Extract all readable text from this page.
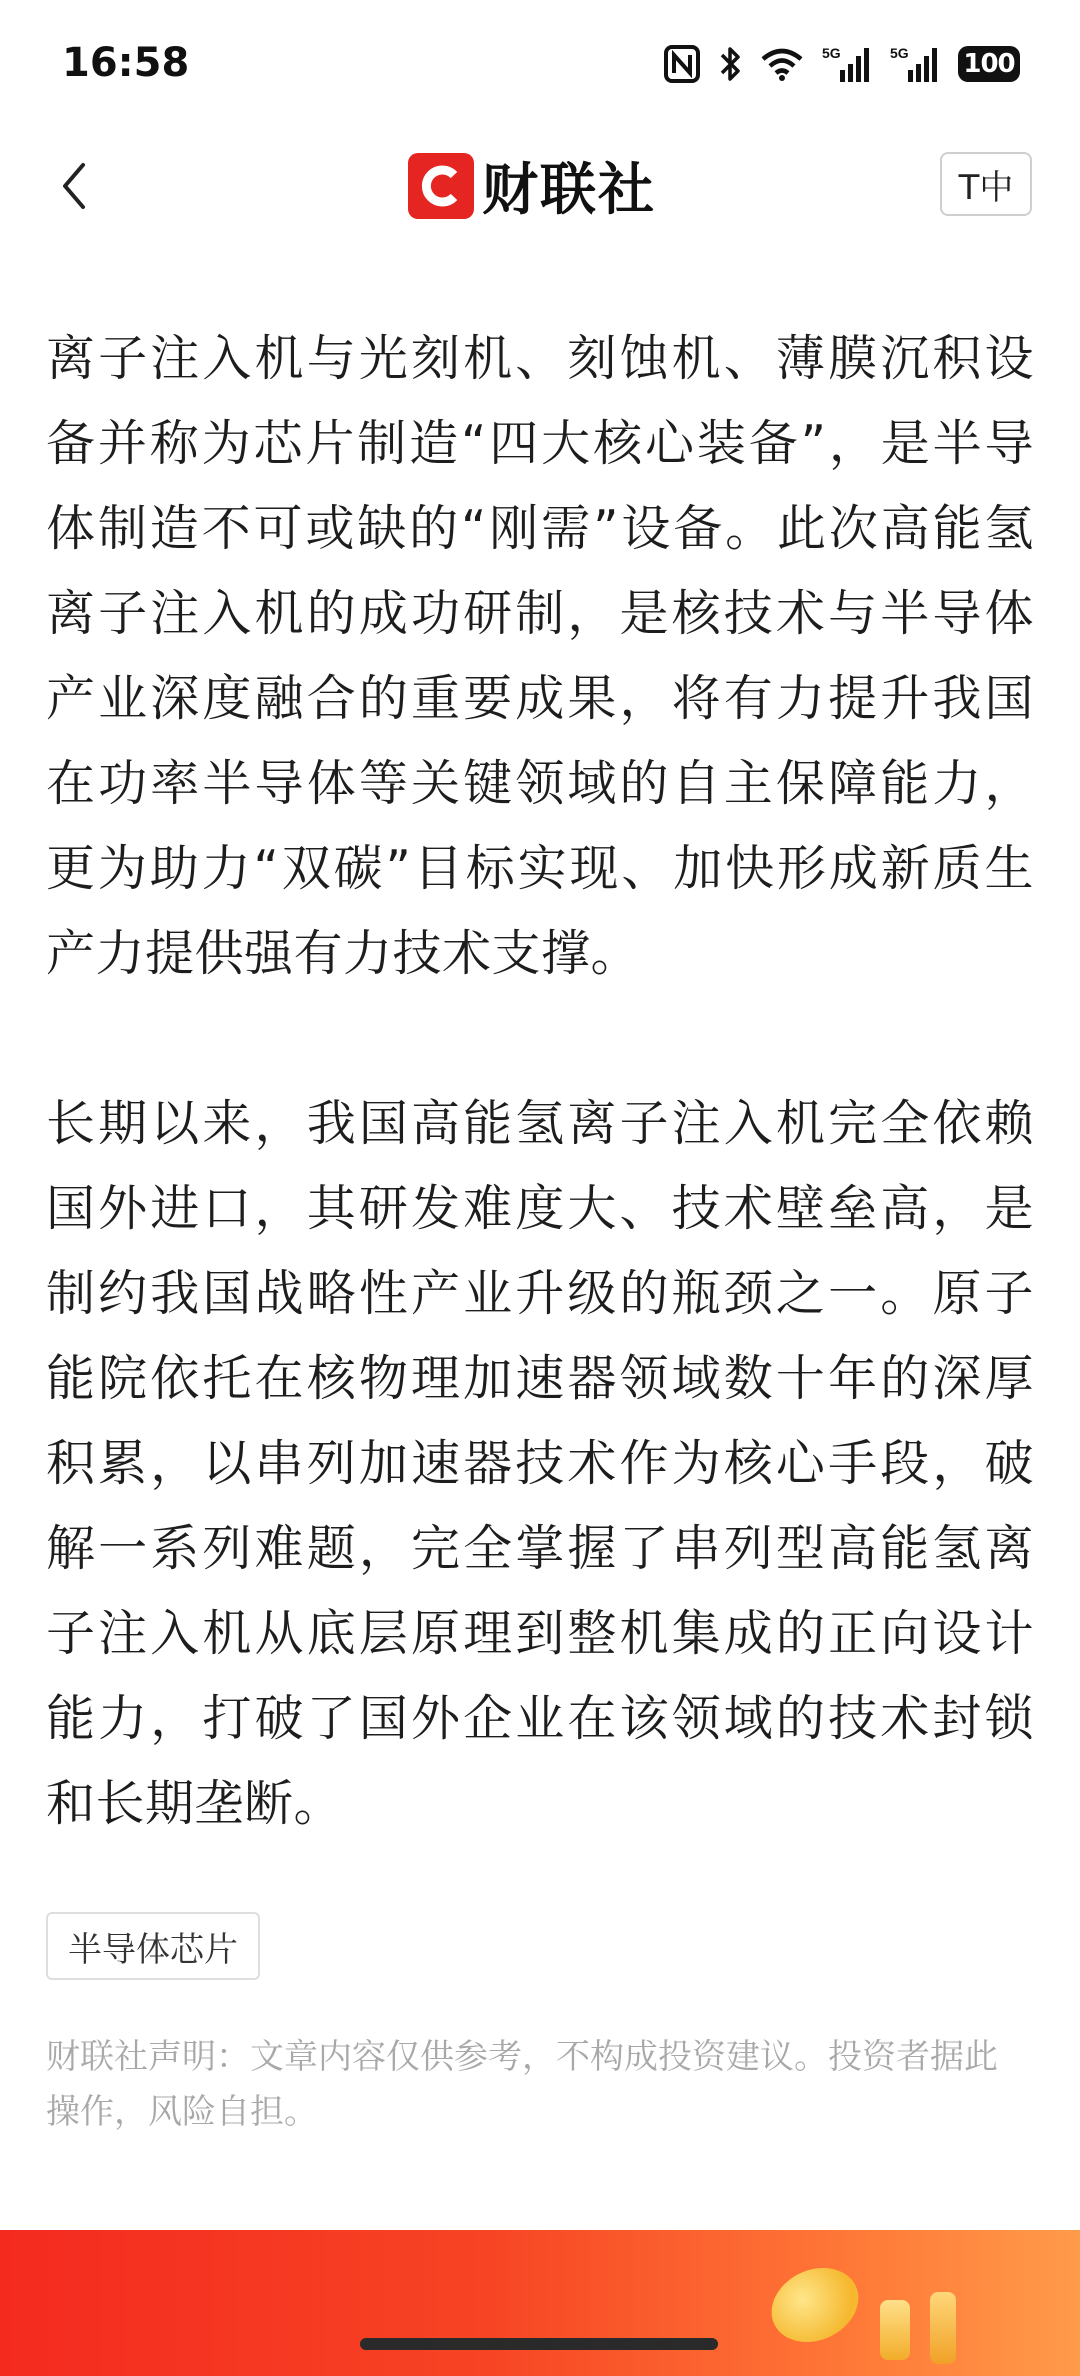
16:58	5G	5G 100
财联社	T中

离子注入机与光刻机、刻蚀机、薄膜沉积设备并称为芯片制造“四大核心装备”，是半导体制造不可或缺的“刚需”设备。此次高能氢离子注入机的成功研制，是核技术与半导体产业深度融合的重要成果，将有力提升我国在功率半导体等关键领域的自主保障能力，更为助力“双碳”目标实现、加快形成新质生产力提供强有力技术支撑。

长期以来，我国高能氢离子注入机完全依赖国外进口，其研发难度大、技术壁垒高，是制约我国战略性产业升级的瓶颈之一。原子能院依托在核物理加速器领域数十年的深厚积累，以串列加速器技术作为核心手段，破解一系列难题，完全掌握了串列型高能氢离子注入机从底层原理到整机集成的正向设计能力，打破了国外企业在该领域的技术封锁和长期垄断。

半导体芯片
财联社声明：文章内容仅供参考，不构成投资建议。投资者据此操作，风险自担。
